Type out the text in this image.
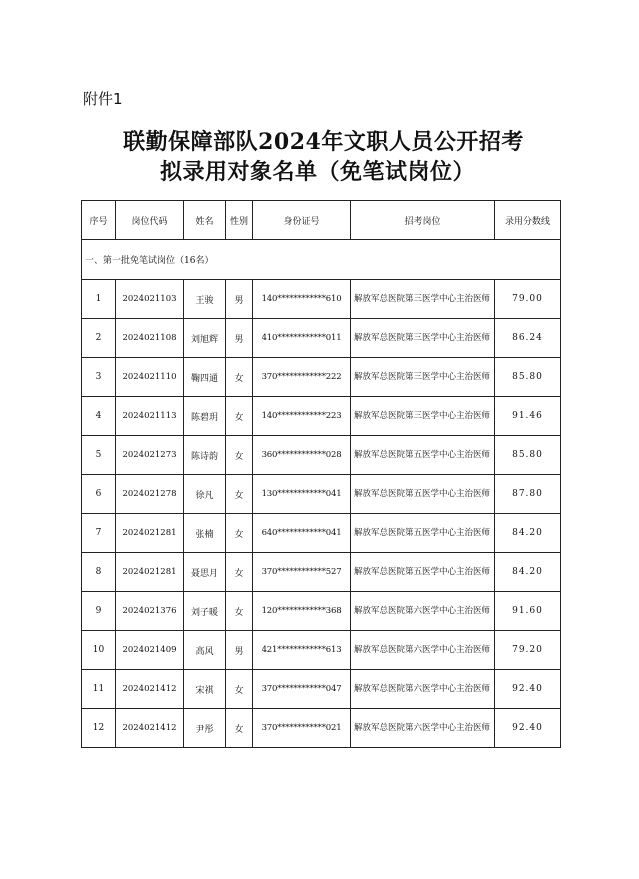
附件1
联勤保障部队2024年文职人员公开招考
拟录用对象名单（免笔试岗位）
序号	岗位代码	姓名	性别	身份证号	招考岗位	录用分数线
一、第一批免笔试岗位（16名）						
1	2024021103	王骏	男	140************610	解放军总医院第三医学中心主治医师	79.00
2	2024021108	刘旭辉	男	410************011	解放军总医院第三医学中心主治医师	86.24
3	2024021110	鞠四通	女	370************222	解放军总医院第三医学中心主治医师	85.80
4	2024021113	陈碧玥	女	140************223	解放军总医院第三医学中心主治医师	91.46
5	2024021273	陈诗韵	女	360************028	解放军总医院第五医学中心主治医师	85.80
6	2024021278	徐凡	女	130************041	解放军总医院第五医学中心主治医师	87.80
7	2024021281	张楠	女	640************041	解放军总医院第五医学中心主治医师	84.20
8	2024021281	聂思月	女	370************527	解放军总医院第五医学中心主治医师	84.20
9	2024021376	刘子暖	女	120************368	解放军总医院第六医学中心主治医师	91.60
10	2024021409	高风	男	421************613	解放军总医院第六医学中心主治医师	79.20
11	2024021412	宋祺	女	370************047	解放军总医院第六医学中心主治医师	92.40
12	2024021412	尹彤	女	370************021	解放军总医院第六医学中心主治医师	92.40
